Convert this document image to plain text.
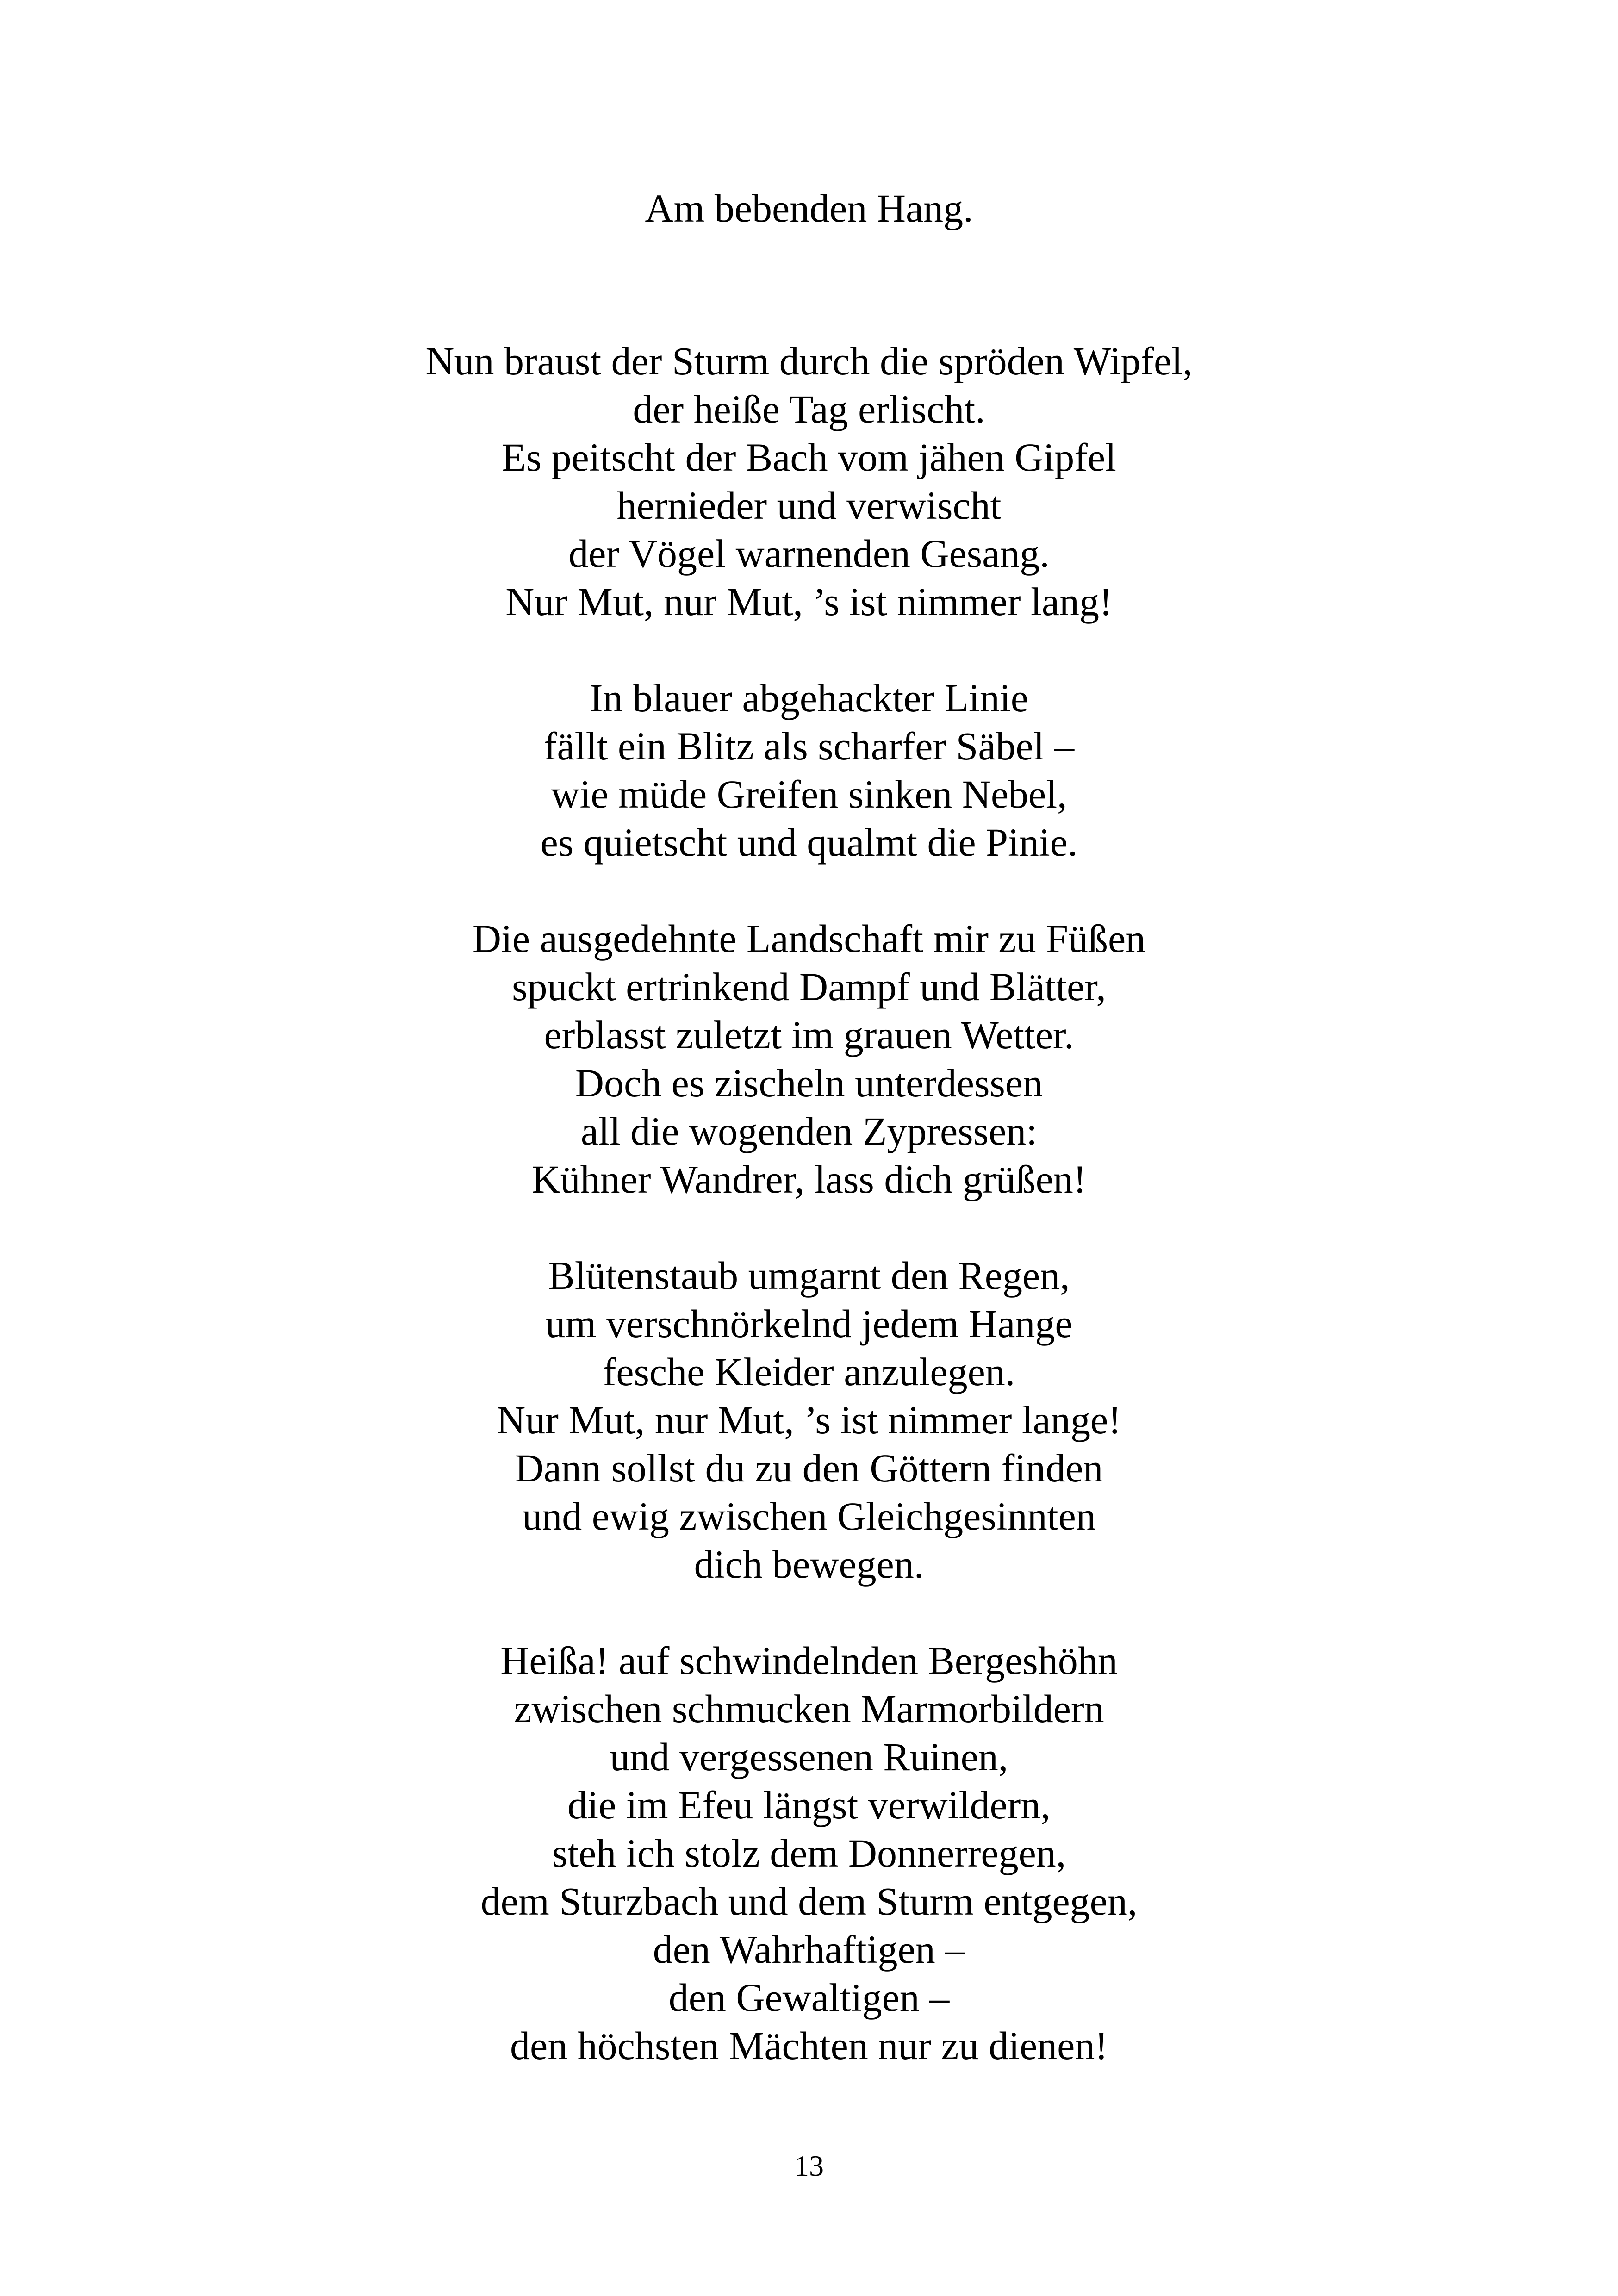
Am bebenden Hang.
Nun braust der Sturm durch die spröden Wipfel,
der heiße Tag erlischt.
Es peitscht der Bach vom jähen Gipfel
hernieder und verwischt
der Vögel warnenden Gesang.
Nur Mut, nur Mut, ’s ist nimmer lang!
In blauer abgehackter Linie
fällt ein Blitz als scharfer Säbel –
wie müde Greifen sinken Nebel,
es quietscht und qualmt die Pinie.
Die ausgedehnte Landschaft mir zu Füßen
spuckt ertrinkend Dampf und Blätter,
erblasst zuletzt im grauen Wetter.
Doch es zischeln unterdessen
all die wogenden Zypressen:
Kühner Wandrer, lass dich grüßen!
Blütenstaub umgarnt den Regen,
um verschnörkelnd jedem Hange
fesche Kleider anzulegen.
Nur Mut, nur Mut, ’s ist nimmer lange!
Dann sollst du zu den Göttern finden
und ewig zwischen Gleichgesinnten
dich bewegen.
Heißa! auf schwindelnden Bergeshöhn
zwischen schmucken Marmorbildern
und vergessenen Ruinen,
die im Efeu längst verwildern,
steh ich stolz dem Donnerregen,
dem Sturzbach und dem Sturm entgegen,
den Wahrhaftigen –
den Gewaltigen –
den höchsten Mächten nur zu dienen!
13
